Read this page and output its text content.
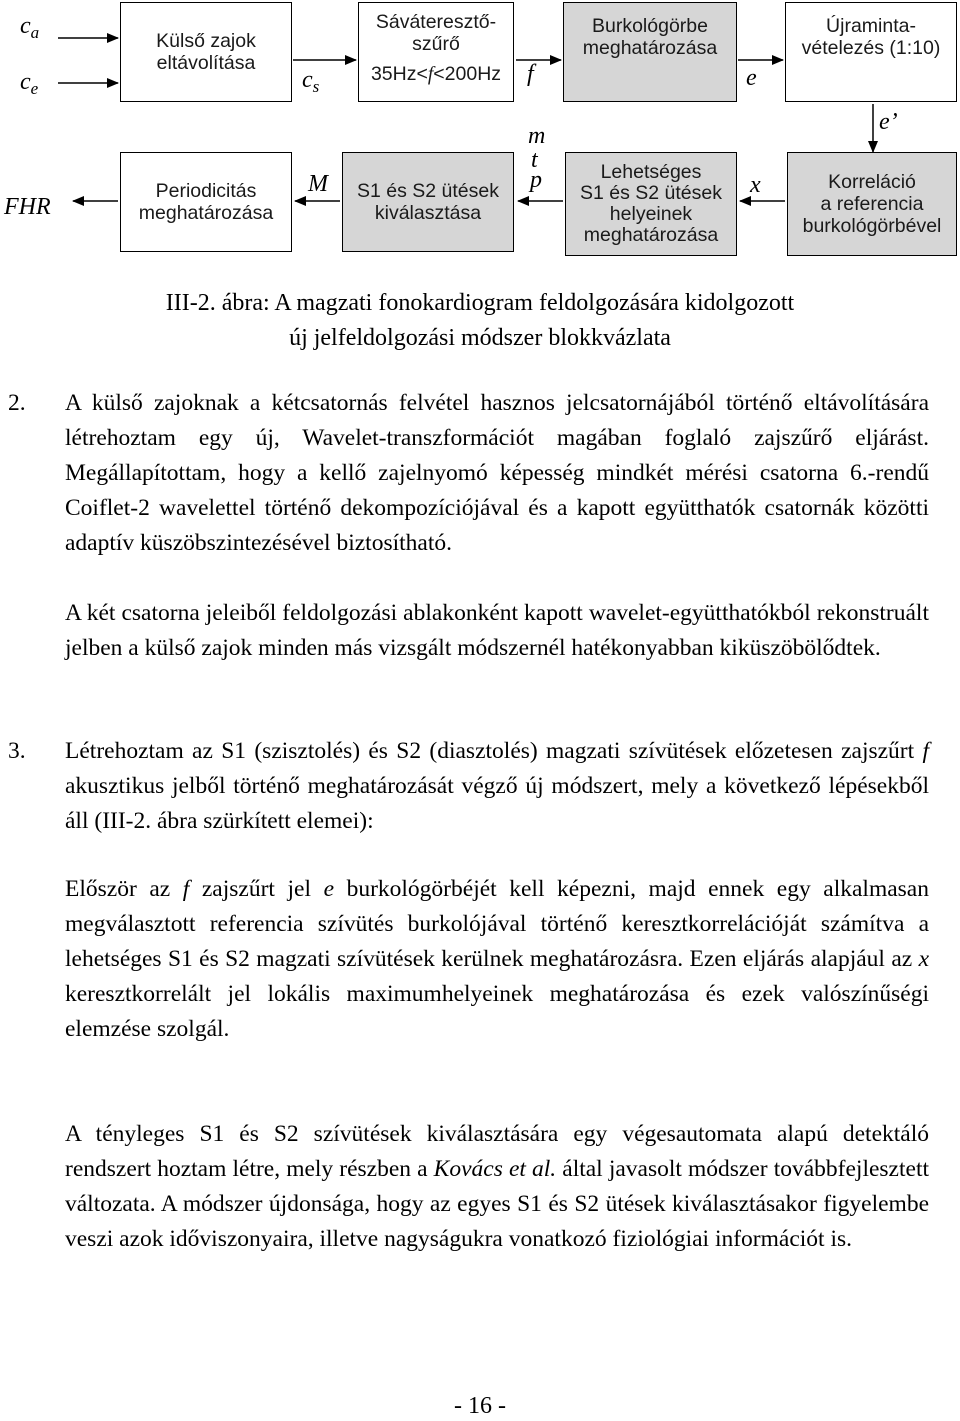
Külső zajok
eltávolítása
Sáváteresztő-
szűrő
35Hz<f<200Hz
Burkológörbe
meghatározása
Újraminta-
vételezés (1:10)
Periodicitás
meghatározása
S1 és S2 ütések
kiválasztása
Lehetséges
S1 és S2 ütések
helyeinek
meghatározása
Korreláció
a referencia
burkológörbével
$c_a$
$c_e$	$c_s$	f	e
e’
FHR
M
m
t
p	x
III-2. ábra: A magzati fonokardiogram feldolgozására kidolgozott
új jelfeldolgozási módszer blokkvázlata
2. A külső zajoknak a kétcsatornás felvétel hasznos jelcsatornájából történő eltávolítására létrehoztam egy új, Wavelet-transzformációt magában foglaló zajszűrő eljárást. Megállapítottam, hogy a kellő zajelnyomó képesség mindkét mérési csatorna 6.-rendű Coiflet-2 wavelettel történő dekompozíciójával és a kapott együtthatók csatornák közötti adaptív küszöbszintezésével biztosítható.
A két csatorna jeleiből feldolgozási ablakonként kapott wavelet-együtthatókból rekonstruált jelben a külső zajok minden más vizsgált módszernél hatékonyabban kiküszöbölődtek.
3. Létrehoztam az S1 (szisztolés) és S2 (diasztolés) magzati szívütések előzetesen zajszűrt f akusztikus jelből történő meghatározását végző új módszert, mely a következő lépésekből áll (III-2. ábra szürkített elemei):
Először az f zajszűrt jel e burkológörbéjét kell képezni, majd ennek egy alkalmasan megválasztott referencia szívütés burkolójával történő keresztkorrelációját számítva a lehetséges S1 és S2 magzati szívütések kerülnek meghatározásra. Ezen eljárás alapjául az x keresztkorrelált jel lokális maximumhelyeinek meghatározása és ezek valószínűségi elemzése szolgál.
A tényleges S1 és S2 szívütések kiválasztására egy végesautomata alapú detektáló rendszert hoztam létre, mely részben a Kovács et al. által javasolt módszer továbbfejlesztett változata. A módszer újdonsága, hogy az egyes S1 és S2 ütések kiválasztásakor figyelembe veszi azok időviszonyaira, illetve nagyságukra vonatkozó fiziológiai információt is.
- 16 -
